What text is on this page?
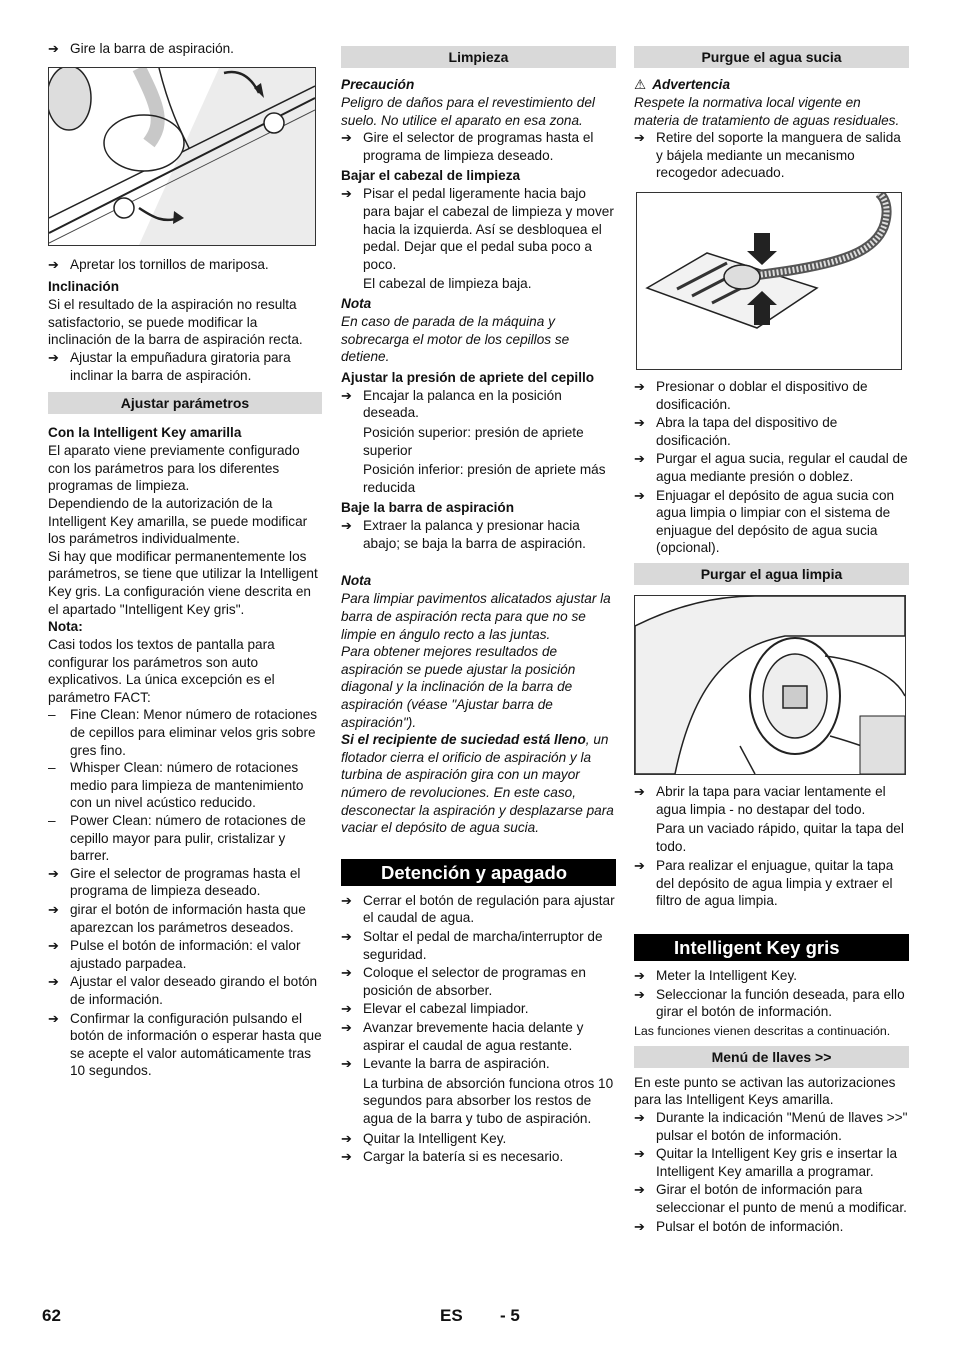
➔ Gire la barra de aspiración.
➔ Apretar los tornillos de mariposa.

Inclinación

Si el resultado de la aspiración no resulta satisfactorio, se puede modificar la inclinación de la barra de aspiración recta.

➔ Ajustar la empuñadura giratoria para inclinar la barra de aspiración.
Ajustar parámetros

Con la Intelligent Key amarilla

El aparato viene previamente configurado con los parámetros para los diferentes programas de limpieza.

Dependiendo de la autorización de la Intelligent Key amarilla, se puede modificar los parámetros individualmente.

Si hay que modificar permanentemente los parámetros, se tiene que utilizar la Intelligent Key gris. La configuración viene descrita en el apartado "Intelligent Key gris".

Nota:

Casi todos los textos de pantalla para configurar los parámetros son auto explicativos. La única excepción es el parámetro FACT:

–	Fine Clean: Menor número de rotaciones de cepillos para eliminar velos gris sobre gres fino.
–	Whisper Clean: número de rotaciones medio para limpieza de mantenimiento con un nivel acústico reducido.
–	Power Clean: número de rotaciones de cepillo mayor para pulir, cristalizar y barrer.
➔ Gire el selector de programas hasta el programa de limpieza deseado.
➔ girar el botón de información hasta que aparezcan los parámetros deseados.
➔ Pulse el botón de información: el valor ajustado parpadea.
➔ Ajustar el valor deseado girando el botón de información.
➔ Confirmar la configuración pulsando el botón de información o esperar hasta que se acepte el valor automáticamente tras 10 segundos.
Limpieza

Precaución

Peligro de daños para el revestimiento del suelo. No utilice el aparato en esa zona.

➔ Gire el selector de programas hasta el programa de limpieza deseado.

Bajar el cabezal de limpieza

➔ Pisar el pedal ligeramente hacia bajo para bajar el cabezal de limpieza y mover hacia la izquierda. Así se desbloquea el pedal. Dejar que el pedal suba poco a poco.
El cabezal de limpieza baja.

Nota

En caso de parada de la máquina y sobrecarga el motor de los cepillos se detiene.

Ajustar la presión de apriete del cepillo

➔ Encajar la palanca en la posición deseada.
Posición superior: presión de apriete superior
Posición inferior: presión de apriete más reducida

Baje la barra de aspiración

➔ Extraer la palanca y presionar hacia abajo; se baja la barra de aspiración.

Nota

Para limpiar pavimentos alicatados ajustar la barra de aspiración recta para que no se limpie en ángulo recto a las juntas.

Para obtener mejores resultados de aspiración se puede ajustar la posición diagonal y la inclinación de la barra de aspiración (véase "Ajustar barra de aspiración").

Si el recipiente de suciedad está lleno, un flotador cierra el orificio de aspiración y la turbina de aspiración gira con un mayor número de revoluciones. En este caso, desconectar la aspiración y desplazarse para vaciar el depósito de agua sucia.

Detención y apagado
➔ Cerrar el botón de regulación para ajustar el caudal de agua.
➔ Soltar el pedal de marcha/interruptor de seguridad.
➔ Coloque el selector de programas en posición de absorber.
➔ Elevar el cabezal limpiador.
➔ Avanzar brevemente hacia delante y aspirar el caudal de agua restante.
➔ Levante la barra de aspiración.
La turbina de absorción funciona otros 10 segundos para absorber los restos de agua de la barra y tubo de aspiración.
➔ Quitar la Intelligent Key.
➔ Cargar la batería si es necesario.
Purgue el agua sucia

⚠ Advertencia

Respete la normativa local vigente en materia de tratamiento de aguas residuales.

➔ Retire del soporte la manguera de salida y bájela mediante un mecanismo recogedor adecuado.
➔ Presionar o doblar el dispositivo de dosificación.
➔ Abra la tapa del dispositivo de dosificación.
➔ Purgar el agua sucia, regular el caudal de agua mediante presión o doblez.
➔ Enjuagar el depósito de agua sucia con agua limpia o limpiar con el sistema de enjuague del depósito de agua sucia (opcional).
Purgar el agua limpia
➔ Abrir la tapa para vaciar lentamente el agua limpia - no destapar del todo.
Para un vaciado rápido, quitar la tapa del todo.
➔ Para realizar el enjuague, quitar la tapa del depósito de agua limpia y extraer el filtro de agua limpia.
Intelligent Key gris
➔ Meter la Intelligent Key.
➔ Seleccionar la función deseada, para ello girar el botón de información.

Las funciones vienen descritas a continuación.

Menú de llaves >>

En este punto se activan las autorizaciones para las Intelligent Keys amarilla.

➔ Durante la indicación "Menú de llaves >>" pulsar el botón de información.
➔ Quitar la Intelligent Key gris e insertar la Intelligent Key amarilla a programar.
➔ Girar el botón de información para seleccionar el punto de menú a modificar.
➔ Pulsar el botón de información.
62	ES - 5
